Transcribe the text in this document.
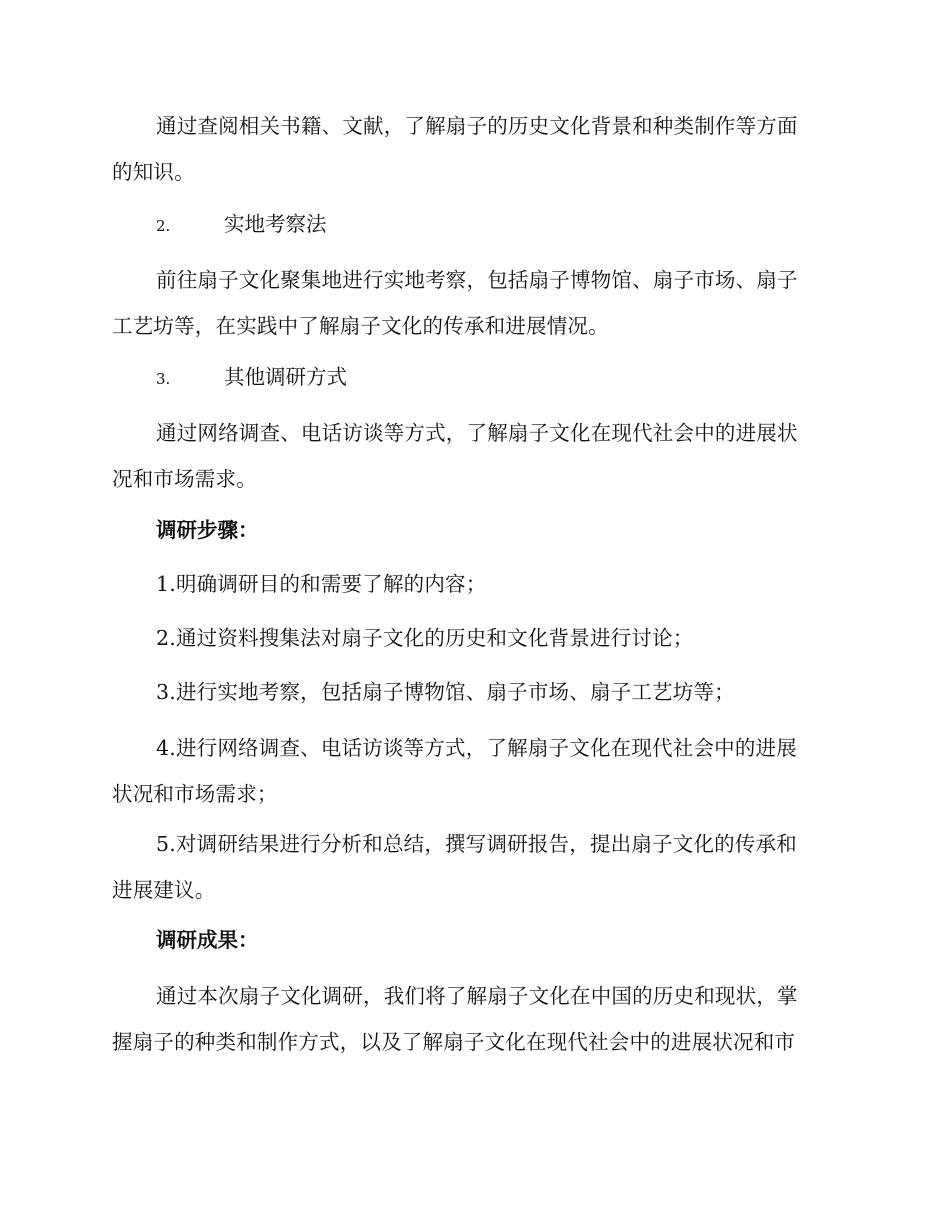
通过查阅相关书籍、文献，了解扇子的历史文化背景和种类制作等方面
的知识。

2.	实地考察法

前往扇子文化聚集地进行实地考察，包括扇子博物馆、扇子市场、扇子
工艺坊等，在实践中了解扇子文化的传承和进展情况。

3.	其他调研方式

通过网络调查、电话访谈等方式，了解扇子文化在现代社会中的进展状
况和市场需求。

调研步骤：

1.明确调研目的和需要了解的内容；

2.通过资料搜集法对扇子文化的历史和文化背景进行讨论；

3.进行实地考察，包括扇子博物馆、扇子市场、扇子工艺坊等；

4.进行网络调查、电话访谈等方式，了解扇子文化在现代社会中的进展
状况和市场需求；

5.对调研结果进行分析和总结，撰写调研报告，提出扇子文化的传承和
进展建议。

调研成果：

通过本次扇子文化调研，我们将了解扇子文化在中国的历史和现状，掌
握扇子的种类和制作方式，以及了解扇子文化在现代社会中的进展状况和市
